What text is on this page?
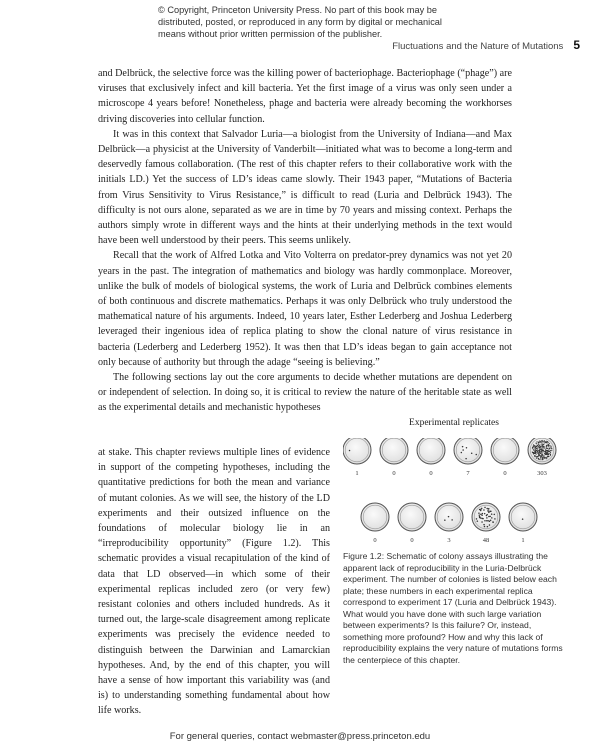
© Copyright, Princeton University Press. No part of this book may be distributed, posted, or reproduced in any form by digital or mechanical means without prior written permission of the publisher.
Fluctuations and the Nature of Mutations 5

and Delbrück, the selective force was the killing power of bacteriophage. Bacteriophage (“phage”) are viruses that exclusively infect and kill bacteria. Yet the first image of a virus was only seen under a microscope 4 years before! Nonetheless, phage and bacteria were already becoming the workhorses driving discoveries into cellular function.

It was in this context that Salvador Luria—a biologist from the University of Indiana—and Max Delbrück—a physicist at the University of Vanderbilt—initiated what was to become a long-term and deservedly famous collaboration. (The rest of this chapter refers to their collaborative work with the initials LD.) Yet the success of LD’s ideas came slowly. Their 1943 paper, “Mutations of Bacteria from Virus Sensitivity to Virus Resistance,” is difficult to read (Luria and Delbrück 1943). The difficulty is not ours alone, separated as we are in time by 70 years and missing context. Perhaps the authors simply wrote in different ways and the hints at their underlying methods in the text would have been well understood by their peers. This seems unlikely.

Recall that the work of Alfred Lotka and Vito Volterra on predator-prey dynamics was not yet 20 years in the past. The integration of mathematics and biology was hardly commonplace. Moreover, unlike the bulk of models of biological systems, the work of Luria and Delbrück combines elements of both continuous and discrete mathematics. Perhaps it was only Delbrück who truly understood the mathematical nature of his arguments. Indeed, 10 years later, Esther Lederberg and Joshua Lederberg leveraged their ingenious idea of replica plating to show the clonal nature of virus resistance in bacteria (Lederberg and Lederberg 1952). It was then that LD’s ideas began to gain acceptance not only because of authority but through the adage “seeing is believing.”

The following sections lay out the core arguments to decide whether mutations are dependent on or independent of selection. In doing so, it is critical to review the nature of the heritable state as well as the experimental details and mechanistic hypotheses

at stake. This chapter reviews multiple lines of evidence in support of the competing hypotheses, including the quantitative predictions for both the mean and variance of mutant colonies. As we will see, the history of the LD experiments and their outsized influence on the foundations of molecular biology lie in an “irreproducibility opportunity” (Figure 1.2). This schematic provides a visual recapitulation of the kind of data that LD observed—in which some of their experimental replicas included zero (or very few) resistant colonies and others included hundreds. As it turned out, the large-scale disagreement among replicate experiments was precisely the evidence needed to distinguish between the Darwinian and Lamarckian hypotheses. And, by the end of this chapter, you will have a sense of how important this variability was (and is) to understanding something fundamental about how life works.
Experimental replicates
1	0	0	7	0	303
0	0	3	48	1
Figure 1.2: Schematic of colony assays illustrating the apparent lack of reproducibility in the Luria-Delbrück experiment. The number of colonies is listed below each plate; these numbers in each experimental replica correspond to experiment 17 (Luria and Delbrück 1943). What would you have done with such large variation between experiments? Is this failure? Or, instead, something more profound? How and why this lack of reproducibility explains the very nature of mutations forms the centerpiece of this chapter.
For general queries, contact webmaster@press.princeton.edu
